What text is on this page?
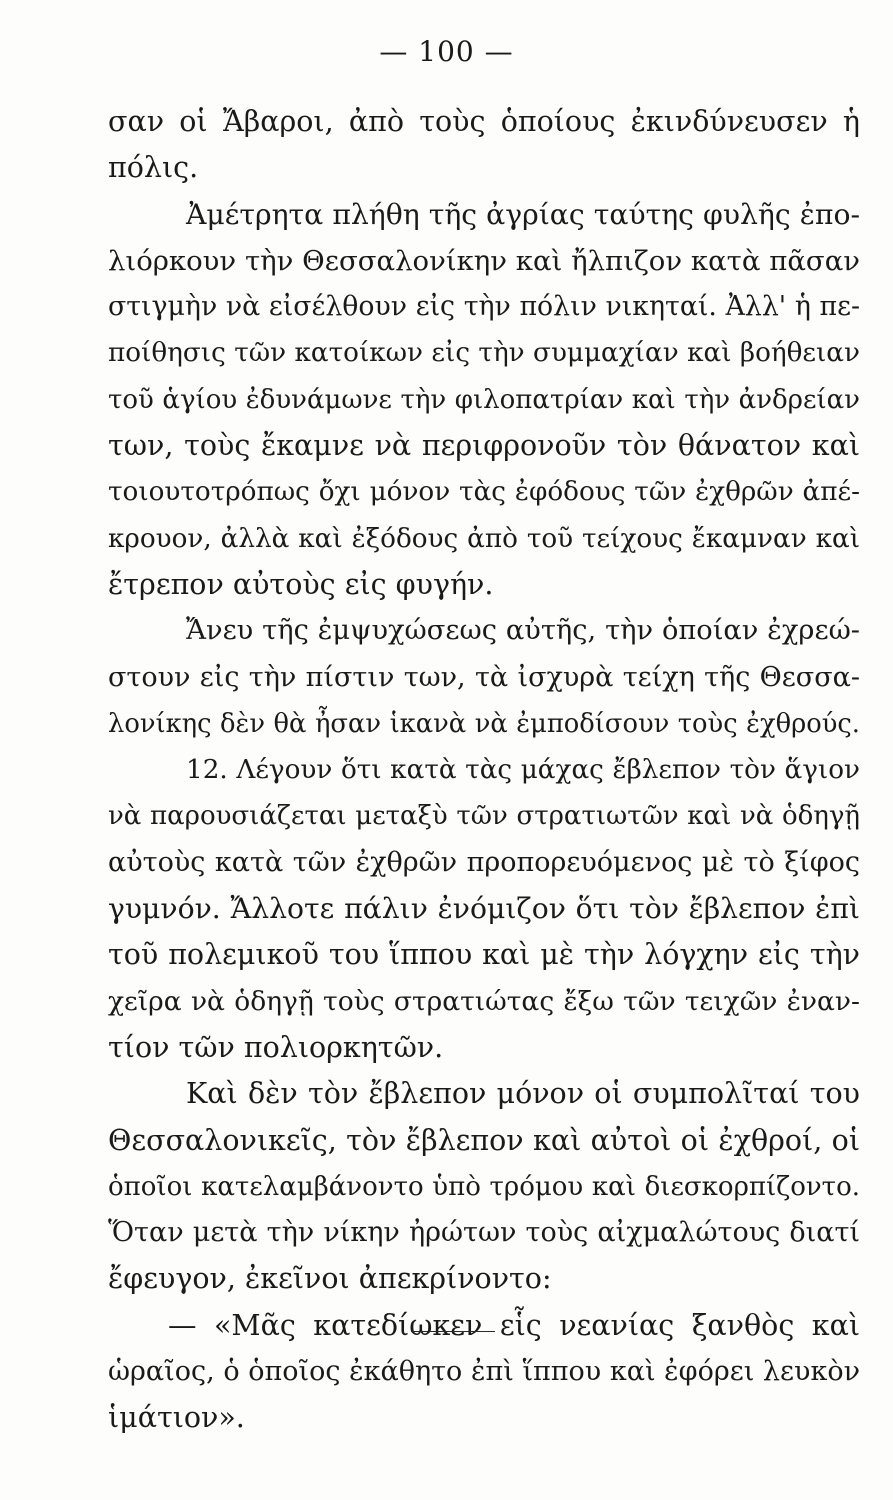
— 100 —
σαν οἱ Ἄβαροι, ἀπὸ τοὺς ὁποίους ἐκινδύνευσεν ἡ
πόλις.
Ἀμέτρητα πλήθη τῆς ἀγρίας ταύτης φυλῆς ἐπο-
λιόρκουν τὴν Θεσσαλονίκην καὶ ἤλπιζον κατὰ πᾶσαν
στιγμὴν νὰ εἰσέλθουν εἰς τὴν πόλιν νικηταί. Ἀλλ' ἡ πε-
ποίθησις τῶν κατοίκων εἰς τὴν συμμαχίαν καὶ βοήθειαν
τοῦ ἁγίου ἐδυνάμωνε τὴν φιλοπατρίαν καὶ τὴν ἀνδρείαν
των, τοὺς ἔκαμνε νὰ περιφρονοῦν τὸν θάνατον καὶ
τοιουτοτρόπως ὄχι μόνον τὰς ἐφόδους τῶν ἐχθρῶν ἀπέ-
κρουον, ἀλλὰ καὶ ἐξόδους ἀπὸ τοῦ τείχους ἔκαμναν καὶ
ἔτρεπον αὐτοὺς εἰς φυγήν.
Ἄνευ τῆς ἐμψυχώσεως αὐτῆς, τὴν ὁποίαν ἐχρεώ-
στουν εἰς τὴν πίστιν των, τὰ ἰσχυρὰ τείχη τῆς Θεσσα-
λονίκης δὲν θὰ ἦσαν ἱκανὰ νὰ ἐμποδίσουν τοὺς ἐχθρούς.
12. Λέγουν ὅτι κατὰ τὰς μάχας ἔβλεπον τὸν ἅγιον
νὰ παρουσιάζεται μεταξὺ τῶν στρατιωτῶν καὶ νὰ ὁδηγῇ
αὐτοὺς κατὰ τῶν ἐχθρῶν προπορευόμενος μὲ τὸ ξίφος
γυμνόν. Ἄλλοτε πάλιν ἐνόμιζον ὅτι τὸν ἔβλεπον ἐπὶ
τοῦ πολεμικοῦ του ἵππου καὶ μὲ τὴν λόγχην εἰς τὴν
χεῖρα νὰ ὁδηγῇ τοὺς στρατιώτας ἔξω τῶν τειχῶν ἐναν-
τίον τῶν πολιορκητῶν.
Καὶ δὲν τὸν ἔβλεπον μόνον οἱ συμπολῖταί του
Θεσσαλονικεῖς, τὸν ἔβλεπον καὶ αὐτοὶ οἱ ἐχθροί, οἱ
ὁποῖοι κατελαμβάνοντο ὑπὸ τρόμου καὶ διεσκορπίζοντο.
Ὅταν μετὰ τὴν νίκην ἠρώτων τοὺς αἰχμαλώτους διατί
ἔφευγον, ἐκεῖνοι ἀπεκρίνοντο:
— «Μᾶς κατεδίωκεν εἷς νεανίας ξανθὸς καὶ
ὡραῖος, ὁ ὁποῖος ἐκάθητο ἐπὶ ἵππου καὶ ἐφόρει λευκὸν
ἱμάτιον».
